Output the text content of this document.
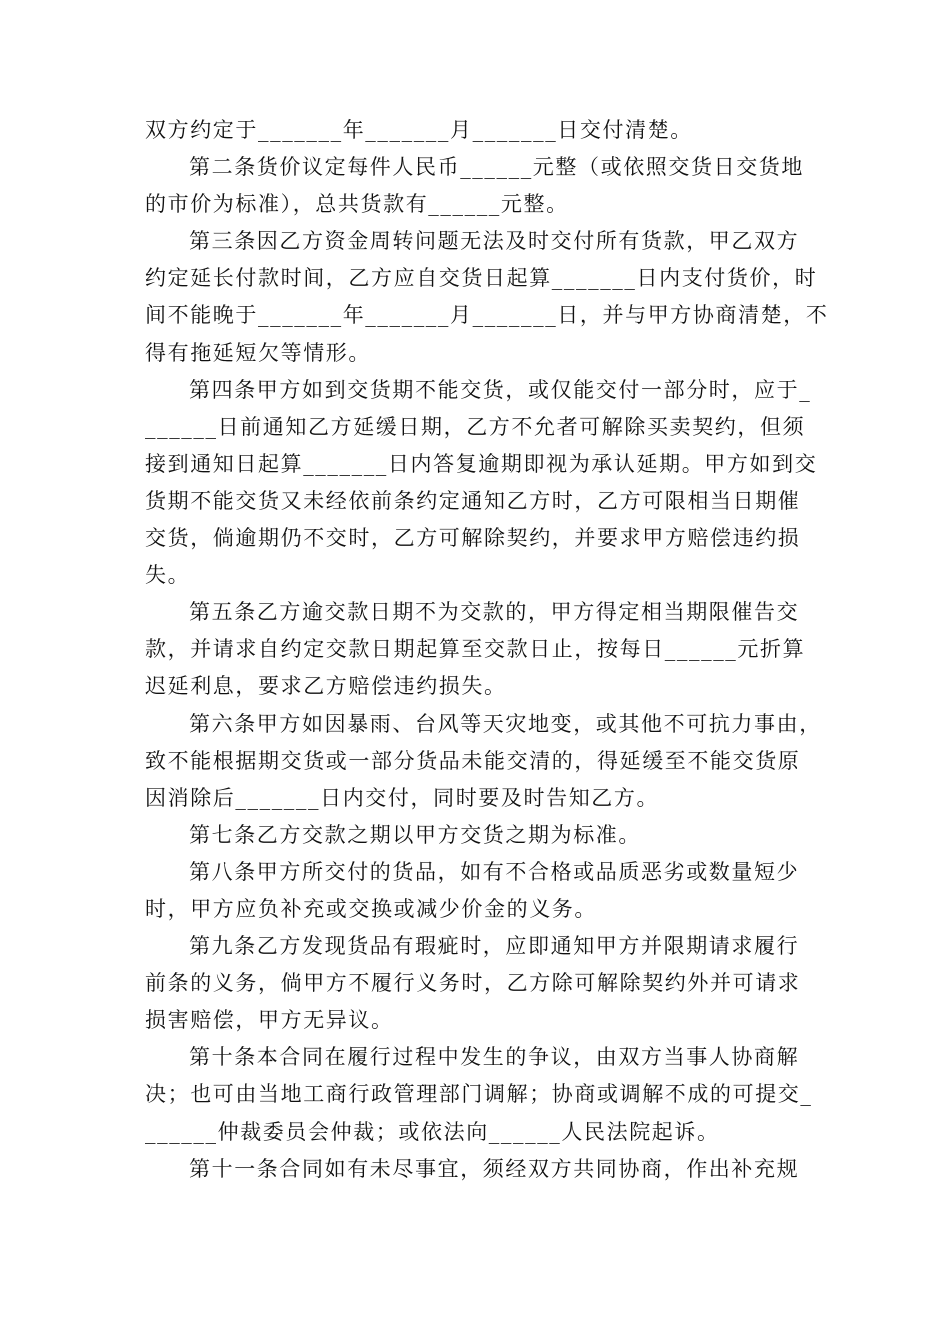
双方约定于_______年_______月_______日交付清楚。
第二条货价议定每件人民币______元整（或依照交货日交货地
的市价为标准），总共货款有______元整。
第三条因乙方资金周转问题无法及时交付所有货款，甲乙双方
约定延长付款时间，乙方应自交货日起算_______日内支付货价，时
间不能晚于_______年_______月_______日，并与甲方协商清楚，不
得有拖延短欠等情形。
第四条甲方如到交货期不能交货，或仅能交付一部分时，应于_
______日前通知乙方延缓日期，乙方不允者可解除买卖契约，但须
接到通知日起算_______日内答复逾期即视为承认延期。甲方如到交
货期不能交货又未经依前条约定通知乙方时，乙方可限相当日期催
交货，倘逾期仍不交时，乙方可解除契约，并要求甲方赔偿违约损
失。
第五条乙方逾交款日期不为交款的，甲方得定相当期限催告交
款，并请求自约定交款日期起算至交款日止，按每日______元折算
迟延利息，要求乙方赔偿违约损失。
第六条甲方如因暴雨、台风等天灾地变，或其他不可抗力事由，
致不能根据期交货或一部分货品未能交清的，得延缓至不能交货原
因消除后_______日内交付，同时要及时告知乙方。
第七条乙方交款之期以甲方交货之期为标准。
第八条甲方所交付的货品，如有不合格或品质恶劣或数量短少
时，甲方应负补充或交换或减少价金的义务。
第九条乙方发现货品有瑕疵时，应即通知甲方并限期请求履行
前条的义务，倘甲方不履行义务时，乙方除可解除契约外并可请求
损害赔偿，甲方无异议。
第十条本合同在履行过程中发生的争议，由双方当事人协商解
决；也可由当地工商行政管理部门调解；协商或调解不成的可提交_
______仲裁委员会仲裁；或依法向______人民法院起诉。
第十一条合同如有未尽事宜，须经双方共同协商，作出补充规
